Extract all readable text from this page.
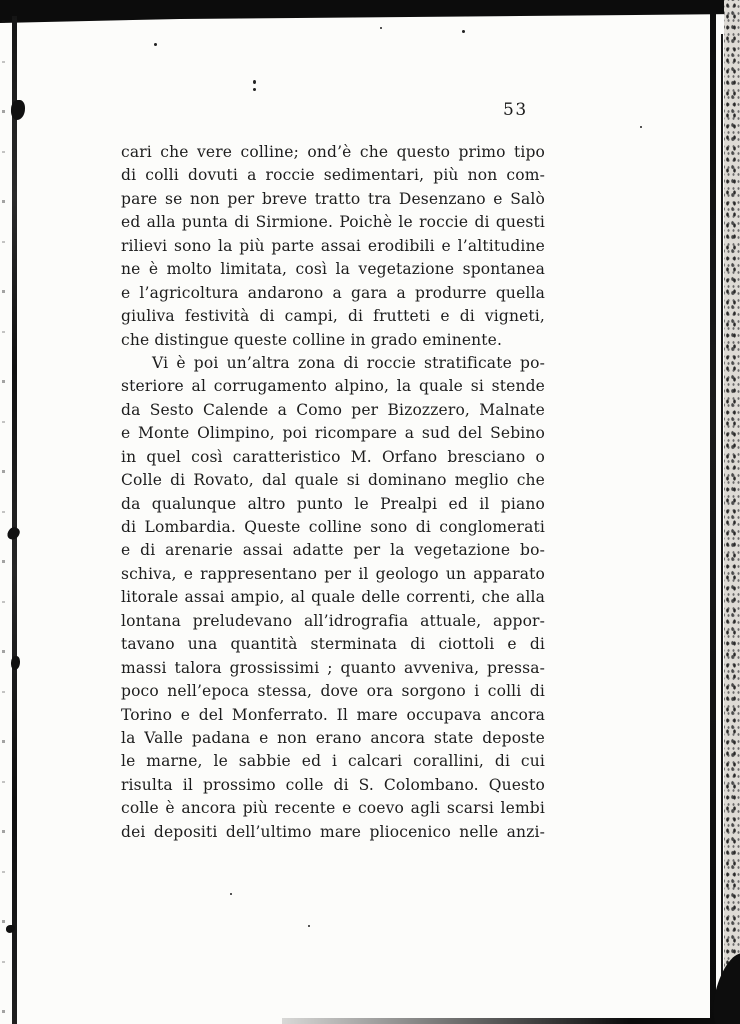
53
cari che vere colline; ond’è che questo primo tipo
di colli dovuti a roccie sedimentari, più non com-
pare se non per breve tratto tra Desenzano e Salò
ed alla punta di Sirmione. Poichè le roccie di questi
rilievi sono la più parte assai erodibili e l’altitudine
ne è molto limitata, così la vegetazione spontanea
e l’agricoltura andarono a gara a produrre quella
giuliva festività di campi, di frutteti e di vigneti,
che distingue queste colline in grado eminente.
Vi è poi un’altra zona di roccie stratificate po-
steriore al corrugamento alpino, la quale si stende
da Sesto Calende a Como per Bizozzero, Malnate
e Monte Olimpino, poi ricompare a sud del Sebino
in quel così caratteristico M. Orfano bresciano o
Colle di Rovato, dal quale si dominano meglio che
da qualunque altro punto le Prealpi ed il piano
di Lombardia. Queste colline sono di conglomerati
e di arenarie assai adatte per la vegetazione bo-
schiva, e rappresentano per il geologo un apparato
litorale assai ampio, al quale delle correnti, che alla
lontana preludevano all’idrografia attuale, appor-
tavano una quantità sterminata di ciottoli e di
massi talora grossissimi ; quanto avveniva, pressa-
poco nell’epoca stessa, dove ora sorgono i colli di
Torino e del Monferrato. Il mare occupava ancora
la Valle padana e non erano ancora state deposte
le marne, le sabbie ed i calcari corallini, di cui
risulta il prossimo colle di S. Colombano. Questo
colle è ancora più recente e coevo agli scarsi lembi
dei depositi dell’ultimo mare pliocenico nelle anzi-
